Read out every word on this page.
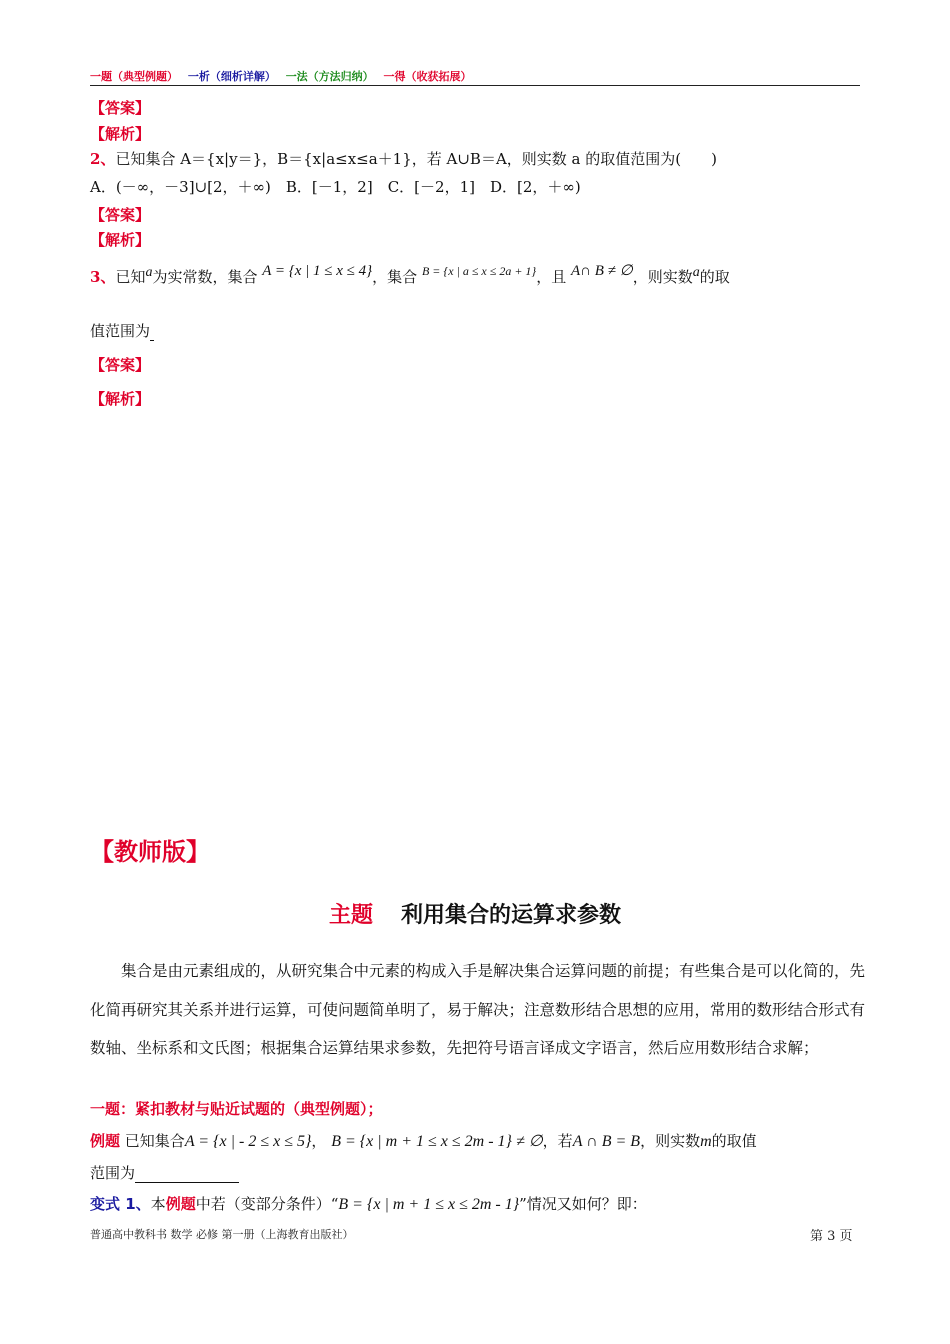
一题（典型例题） 一析（细析详解） 一法（方法归纳） 一得（收获拓展）
【答案】
【解析】
2、已知集合 A＝{x|y＝}，B＝{x|a≤x≤a＋1}，若 A∪B＝A，则实数 a 的取值范围为(　　)
A．(－∞，－3]∪[2，＋∞)　B．[－1，2]　C．[－2，1]　D．[2，＋∞)
【答案】
【解析】
3、已知a为实常数，集合 A = {x | 1 ≤ x ≤ 4}，集合 $^{B = \{x | a \le x \le 2a + 1\}}$，且 A∩ B ≠ ∅，则实数a的取
值范围为
【答案】
【解析】
【教师版】
主题 利用集合的运算求参数

集合是由元素组成的，从研究集合中元素的构成入手是解决集合运算问题的前提；有些集合是可以化简的，先化简再研究其关系并进行运算，可使问题简单明了，易于解决；注意数形结合思想的应用，常用的数形结合形式有数轴、坐标系和文氏图；根据集合运算结果求参数，先把符号语言译成文字语言，然后应用数形结合求解；

一题：紧扣教材与贴近试题的（典型例题）；
例题 已知集合A = {x | - 2 ≤ x ≤ 5}， B = {x | m + 1 ≤ x ≤ 2m - 1} ≠ ∅，若A ∩ B = B，则实数m的取值
范围为
变式 1、本例题中若（变部分条件）“B = {x | m + 1 ≤ x ≤ 2m - 1}”情况又如何？即：
普通高中教科书 数学 必修 第一册（上海教育出版社）	第 3 页
